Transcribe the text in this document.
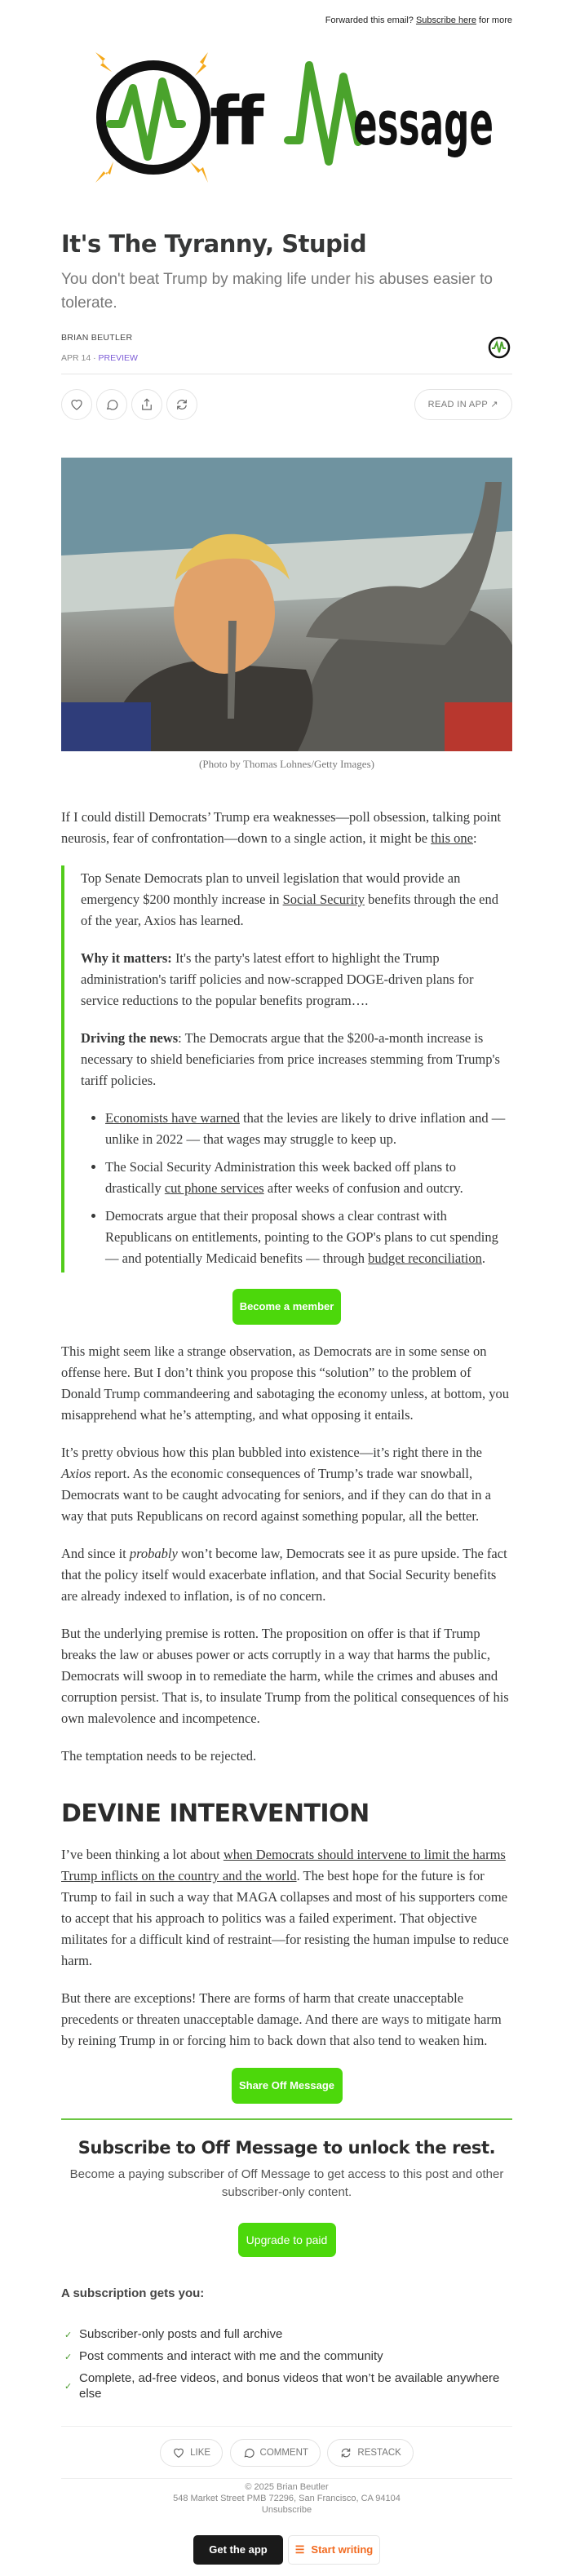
Forwarded this email? Subscribe here for more
ff essage
It's The Tyranny, Stupid
You don't beat Trump by making life under his abuses easier to tolerate.
BRIAN BEUTLER
APR 14 · PREVIEW
READ IN APP ↗
(Photo by Thomas Lohnes/Getty Images)

If I could distill Democrats’ Trump era weaknesses—poll obsession, talking point neurosis, fear of confrontation—down to a single action, it might be this one:

Top Senate Democrats plan to unveil legislation that would provide an emergency $200 monthly increase in Social Security benefits through the end of the year, Axios has learned.

Why it matters: It's the party's latest effort to highlight the Trump administration's tariff policies and now-scrapped DOGE-driven plans for service reductions to the popular benefits program….

Driving the news: The Democrats argue that the $200-a-month increase is necessary to shield beneficiaries from price increases stemming from Trump's tariff policies.

• Economists have warned that the levies are likely to drive inflation and — unlike in 2022 — that wages may struggle to keep up.
• The Social Security Administration this week backed off plans to drastically cut phone services after weeks of confusion and outcry.
• Democrats argue that their proposal shows a clear contrast with Republicans on entitlements, pointing to the GOP's plans to cut spending — and potentially Medicaid benefits — through budget reconciliation.
Become a member

This might seem like a strange observation, as Democrats are in some sense on offense here. But I don’t think you propose this “solution” to the problem of Donald Trump commandeering and sabotaging the economy unless, at bottom, you misapprehend what he’s attempting, and what opposing it entails.

It’s pretty obvious how this plan bubbled into existence—it’s right there in the Axios report. As the economic consequences of Trump’s trade war snowball, Democrats want to be caught advocating for seniors, and if they can do that in a way that puts Republicans on record against something popular, all the better.

And since it probably won’t become law, Democrats see it as pure upside. The fact that the policy itself would exacerbate inflation, and that Social Security benefits are already indexed to inflation, is of no concern.

But the underlying premise is rotten. The proposition on offer is that if Trump breaks the law or abuses power or acts corruptly in a way that harms the public, Democrats will swoop in to remediate the harm, while the crimes and abuses and corruption persist. That is, to insulate Trump from the political consequences of his own malevolence and incompetence.

The temptation needs to be rejected.

DEVINE INTERVENTION

I’ve been thinking a lot about when Democrats should intervene to limit the harms Trump inflicts on the country and the world. The best hope for the future is for Trump to fail in such a way that MAGA collapses and most of his supporters come to accept that his approach to politics was a failed experiment. That objective militates for a difficult kind of restraint—for resisting the human impulse to reduce harm.

But there are exceptions! There are forms of harm that create unacceptable precedents or threaten unacceptable damage. And there are ways to mitigate harm by reining Trump in or forcing him to back down that also tend to weaken him.

Share Off Message
Subscribe to Off Message to unlock the rest.
Become a paying subscriber of Off Message to get access to this post and other subscriber-only content.
Upgrade to paid
A subscription gets you:
✓ Subscriber-only posts and full archive
✓ Post comments and interact with me and the community
✓
Complete, ad-free videos, and bonus videos that won’t be available anywhere else
LIKE	COMMENT	RESTACK
© 2025 Brian Beutler
548 Market Street PMB 72296, San Francisco, CA 94104
Unsubscribe
Get the app	☰ Start writing
